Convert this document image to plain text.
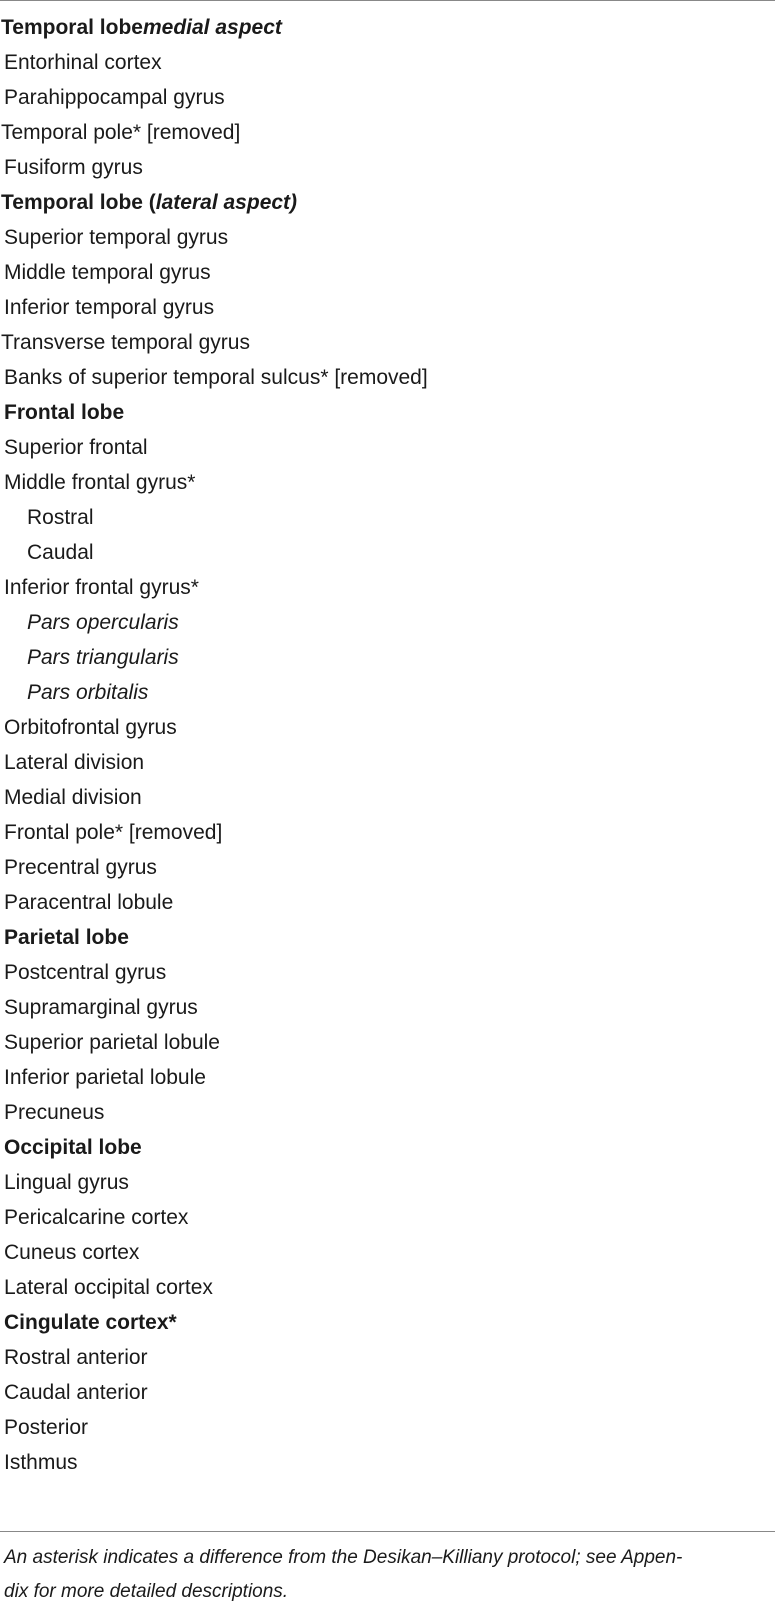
Temporal lobemedial aspect
Entorhinal cortex
Parahippocampal gyrus
Temporal pole* [removed]
Fusiform gyrus
Temporal lobe (lateral aspect)
Superior temporal gyrus
Middle temporal gyrus
Inferior temporal gyrus
Transverse temporal gyrus
Banks of superior temporal sulcus* [removed]
Frontal lobe
Superior frontal
Middle frontal gyrus*
Rostral
Caudal
Inferior frontal gyrus*
Pars opercularis
Pars triangularis
Pars orbitalis
Orbitofrontal gyrus
Lateral division
Medial division
Frontal pole* [removed]
Precentral gyrus
Paracentral lobule
Parietal lobe
Postcentral gyrus
Supramarginal gyrus
Superior parietal lobule
Inferior parietal lobule
Precuneus
Occipital lobe
Lingual gyrus
Pericalcarine cortex
Cuneus cortex
Lateral occipital cortex
Cingulate cortex*
Rostral anterior
Caudal anterior
Posterior
Isthmus
An asterisk indicates a difference from the Desikan–Killiany protocol; see Appen-
dix for more detailed descriptions.
